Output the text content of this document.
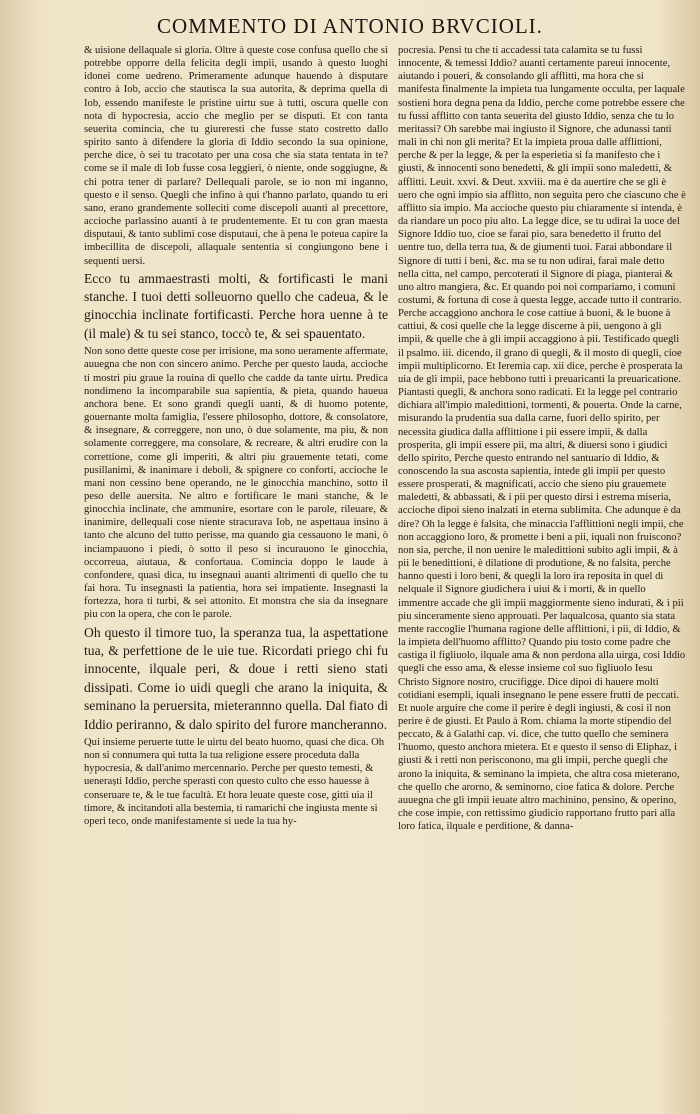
COMMENTO DI ANTONIO BRVCIOLI.

& uisione dellaquale si gloria. Oltre à queste cose confusa quello che si potrebbe opporre della felicita degli impii, usando à questo luoghi idonei come uedreno. Primeramente adunque hauendo à disputare contro à Iob, accio che stautisca la sua autorita, & deprima quella di Iob, essendo manifeste le pristine uirtu sue à tutti, oscura quelle con nota di hypocresia, accio che meglio per se disputi. Et con tanta seuerita comincia, che tu giureresti che fusse stato costretto dallo spirito santo à difendere la gloria di Iddio secondo la sua opinione, perche dice, ò sei tu tracotato per una cosa che sia stata tentata in te? come se il male di Iob fusse cosa leggieri, ò niente, onde soggiugne, & chi potra tener di parlare? Dellequali parole, se io non mi inganno, questo e il senso. Quegli che infino à qui t'hanno parlato, quando tu eri sano, erano grandemente solleciti come discepoli auanti al precettore, accioche parlassino auanti à te prudentemente. Et tu con gran maesta disputaui, & tanto sublimi cose disputaui, che à pena le poteua capire la imbecillita de discepoli, allaquale sententia si congiungono bene i sequenti uersi.

Ecco tu ammaestrasti molti, & fortificasti le mani stanche. I tuoi detti solleuorno quello che cadeua, & le ginocchia inclinate fortificasti. Perche hora uenne à te (il male) & tu sei stanco, toccò te, & sei spauentato.

Non sono dette queste cose per irrisione, ma sono ueramente affermate, auuegna che non con sincero animo. Perche per questo lauda, accioche ti mostri piu graue la rouina di quello che cadde da tante uirtu. Predica nondimeno la incomparabile sua sapientia, & pieta, quando haueua anchora bene. Et sono grandi quegli uanti, & di huomo potente, gouernante molta famiglia, l'essere philosopho, dottore, & consolatore, & insegnare, & correggere, non uno, ò due solamente, ma piu, & non solamente correggere, ma consolare, & recreare, & altri erudire con la correttione, come gli imperiti, & altri piu grauemente tetati, come pusillanimi, & inanimare i deboli, & spignere co conforti, accioche le mani non cessino bene operando, ne le ginocchia manchino, sotto il peso delle auersita. Ne altro e fortificare le mani stanche, & le ginocchia inclinate, che ammunire, esortare con le parole, rileuare, & inanimire, dellequali cose niente stracurava Iob, ne aspettaua insino à tanto che alcuno del tutto perisse, ma quando gia cessauono le mani, ò inciampauono i piedi, ò sotto il peso si incurauono le ginocchia, occorreua, aiutaua, & confortaua. Comincia doppo le laude à confondere, quasi dica, tu insegnaui auanti altrimenti di quello che tu fai hora. Tu insegnasti la patientia, hora sei impatiente. Insegnasti la fortezza, hora ti turbi, & sei attonito. Et monstra che sia da insegnare piu con la opera, che con le parole.

Oh questo il timore tuo, la speranza tua, la aspettatione tua, & perfettione de le uie tue. Ricordati priego chi fu innocente, ilquale peri, & doue i retti sieno stati dissipati. Come io uidi quegli che arano la iniquita, & seminano la peruersita, mieterannno quella. Dal fiato di Iddio periranno, & dalo spirito del furore mancheranno.

Qui insieme peruerte tutte le uirtu del beato huomo, quasi che dica. Oh non si connumera qui tutta la tua religione essere proceduta dalla hypocresia, & dall'animo mercennario. Perche per questo temesti, & ueneraști Iddio, perche sperasti con questo culto che esso hauesse à conseruare te, & le tue facultà. Et hora leuate queste cose, gitti uia il timore, & incitandoti alla bestemia, ti ramarichi che ingiusta mente si operi teco, onde manifestamente si uede la tua hy-

pocresia. Pensi tu che ti accadessi tata calamita se tu fussi innocente, & temessi Iddio? auanti certamente pareui innocente, aiutando i poueri, & consolando gli afflitti, ma hora che si manifesta finalmente la impieta tua lungamente occulta, per laquale sostieni hora degna pena da Iddio, perche come potrebbe essere che tu fussi afflitto con tanta seuerita del giusto Iddio, senza che tu lo meritassi? Oh sarebbe mai ingiusto il Signore, che adunassi tanti mali in chi non gli merita? Et la impieta proua dalle afflittioni, perche & per la legge, & per la esperietia si fa manifesto che i giusti, & innocenti sono benedetti, & gli impii sono maledetti, & afflitti. Leuit. xxvi. & Deut. xxviii. ma è da auertire che se gli è uero che ogni impio sia afflitto, non seguita pero che ciascuno che è afflitto sia impio. Ma accioche questo piu chiaramente si intenda, è da riandare un poco piu alto. La legge dice, se tu udirai la uoce del Signore Iddio tuo, cioe se farai pio, sara benedetto il frutto del uentre tuo, della terra tua, & de giumenti tuoi. Farai abbondare il Signore di tutti i beni, &c. ma se tu non udirai, farai male detto nella citta, nel campo, percoterati il Signore di piaga, pianterai & uno altro mangiera, &c. Et quando poi noi compariamo, i comuni costumi, & fortuna di cose à questa legge, accade tutto il contrario. Perche accaggiono anchora le cose cattiue à buoni, & le buone à cattiui, & cosi quelle che la legge discerne à pii, uengono à gli impii, & quelle che à gli impii accaggiono à pii. Testificado quegli il psalmo. iii. dicendo, il grano di quegli, & il mosto di quegli, cioe impii multiplicorno. Et Ieremia cap. xii dice, perche è prosperata la uia de gli impii, pace hebbono tutti i preuaricanti la preuaricatione. Piantasti quegli, & anchora sono radicati. Et la legge pel contrario dichiara all'impio maledittioni, tormenti, & pouerta. Onde la carne, misurando la prudentia sua dalla carne, fuori dello spirito, per necessita giudica dalla afflittione i pii essere impii, & dalla prosperita, gli impii essere pii, ma altri, & diuersi sono i giudici dello spirito, Perche questo entrando nel santuario di Iddio, & conoscendo la sua ascosta sapientia, intede gli impii per questo essere prosperati, & magnificati, accio che sieno piu grauemete maledetti, & abbassati, & i pii per questo dirsi i estrema miseria, accioche dipoi sieno inalzati in eterna sublimita. Che adunque è da dire? Oh la legge è falsita, che minaccia l'afflittioni negli impii, che non accaggiono loro, & promette i beni a pii, iquali non fruiscono? non sia, perche, il non uenire le maledittioni subito agli impii, & à pii le benedittioni, è dilatione di produtione, & no falsita, perche hanno questi i loro beni, & quegli la loro ira reposita in quel di nelquale il Signore giudichera i uiui & i morti, & in quello immentre accade che gli impii maggiormente sieno indurati, & i pii piu sinceramente sieno approuati. Per laqualcosa, quanto sia stata mente raccoglie l'humana ragione delle afflittioni, i pii, di Iddio, & la impieta dell'huomo afflitto? Quando piu tosto come padre che castiga il figliuolo, ilquale ama & non perdona alla uirga, cosi Iddio quegli che esso ama, & elesse insieme col suo figliuolo Iesu Christo Signore nostro, crucifigge. Dice dipoi di hauere molti cotidiani esempli, iquali insegnano le pene essere frutti de peccati. Et nuole arguire che come il perire è degli ingiusti, & cosi il non perire è de giusti. Et Paulo à Rom. chiama la morte stipendio del peccato, & à Galathi cap. vi. dice, che tutto quello che seminera l'huomo, questo anchora mietera. Et e questo il senso di Eliphaz, i giusti & i retti non perisconono, ma gli impii, perche quegli che arono la iniquita, & seminano la impieta, che altra cosa mieterano, che quello che arorno, & seminorno, cioe fatica & dolore. Perche auuegna che gli impii ieuate altro machinino, pensino, & operino, che cose impie, con rettissimo giudicio rapportano frutto pari alla loro fatica, ilquale e perditione, & danna-
